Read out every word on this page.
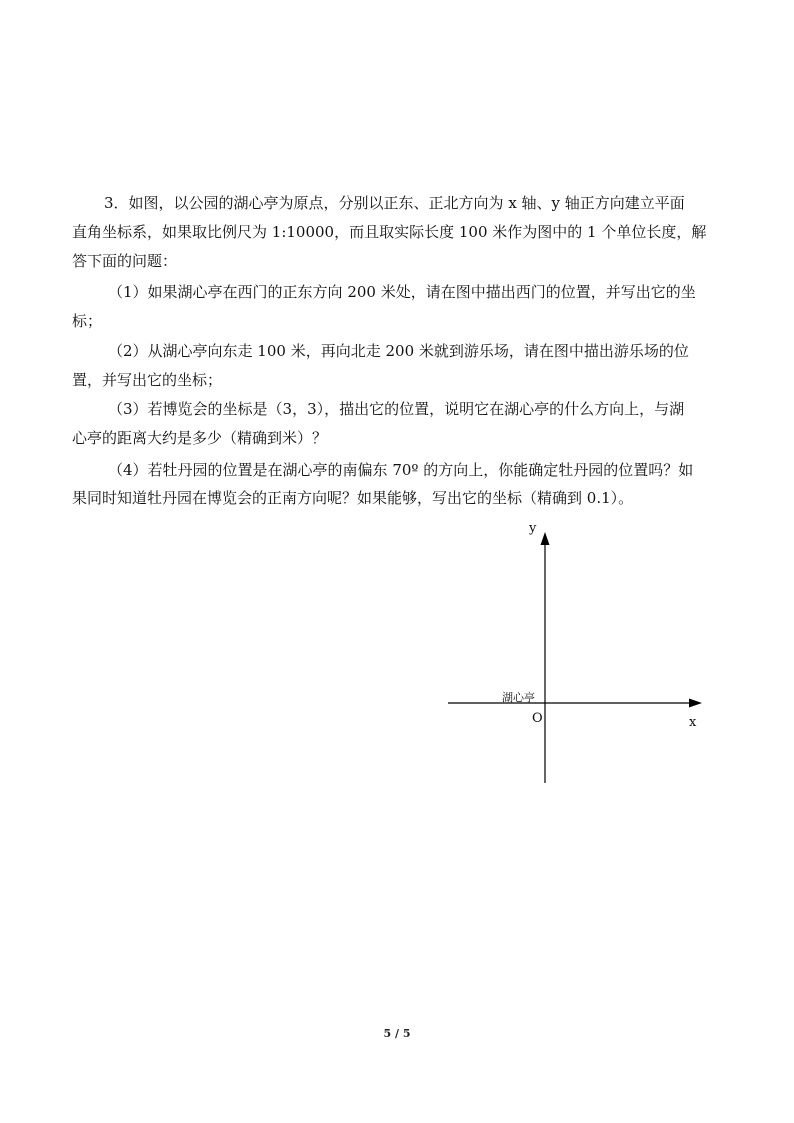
3．如图，以公园的湖心亭为原点，分别以正东、正北方向为 x 轴、y 轴正方向建立平面
直角坐标系，如果取比例尺为 1:10000，而且取实际长度 100 米作为图中的 1 个单位长度，解
答下面的问题：
（1）如果湖心亭在西门的正东方向 200 米处，请在图中描出西门的位置，并写出它的坐
标；
（2）从湖心亭向东走 100 米，再向北走 200 米就到游乐场，请在图中描出游乐场的位
置，并写出它的坐标；
（3）若博览会的坐标是（3，3），描出它的位置，说明它在湖心亭的什么方向上，与湖
心亭的距离大约是多少（精确到米）？
（4）若牡丹园的位置是在湖心亭的南偏东 70º 的方向上，你能确定牡丹园的位置吗？如
果同时知道牡丹园在博览会的正南方向呢？如果能够，写出它的坐标（精确到 0.1）。
y
x
O
湖心亭
5 / 5
